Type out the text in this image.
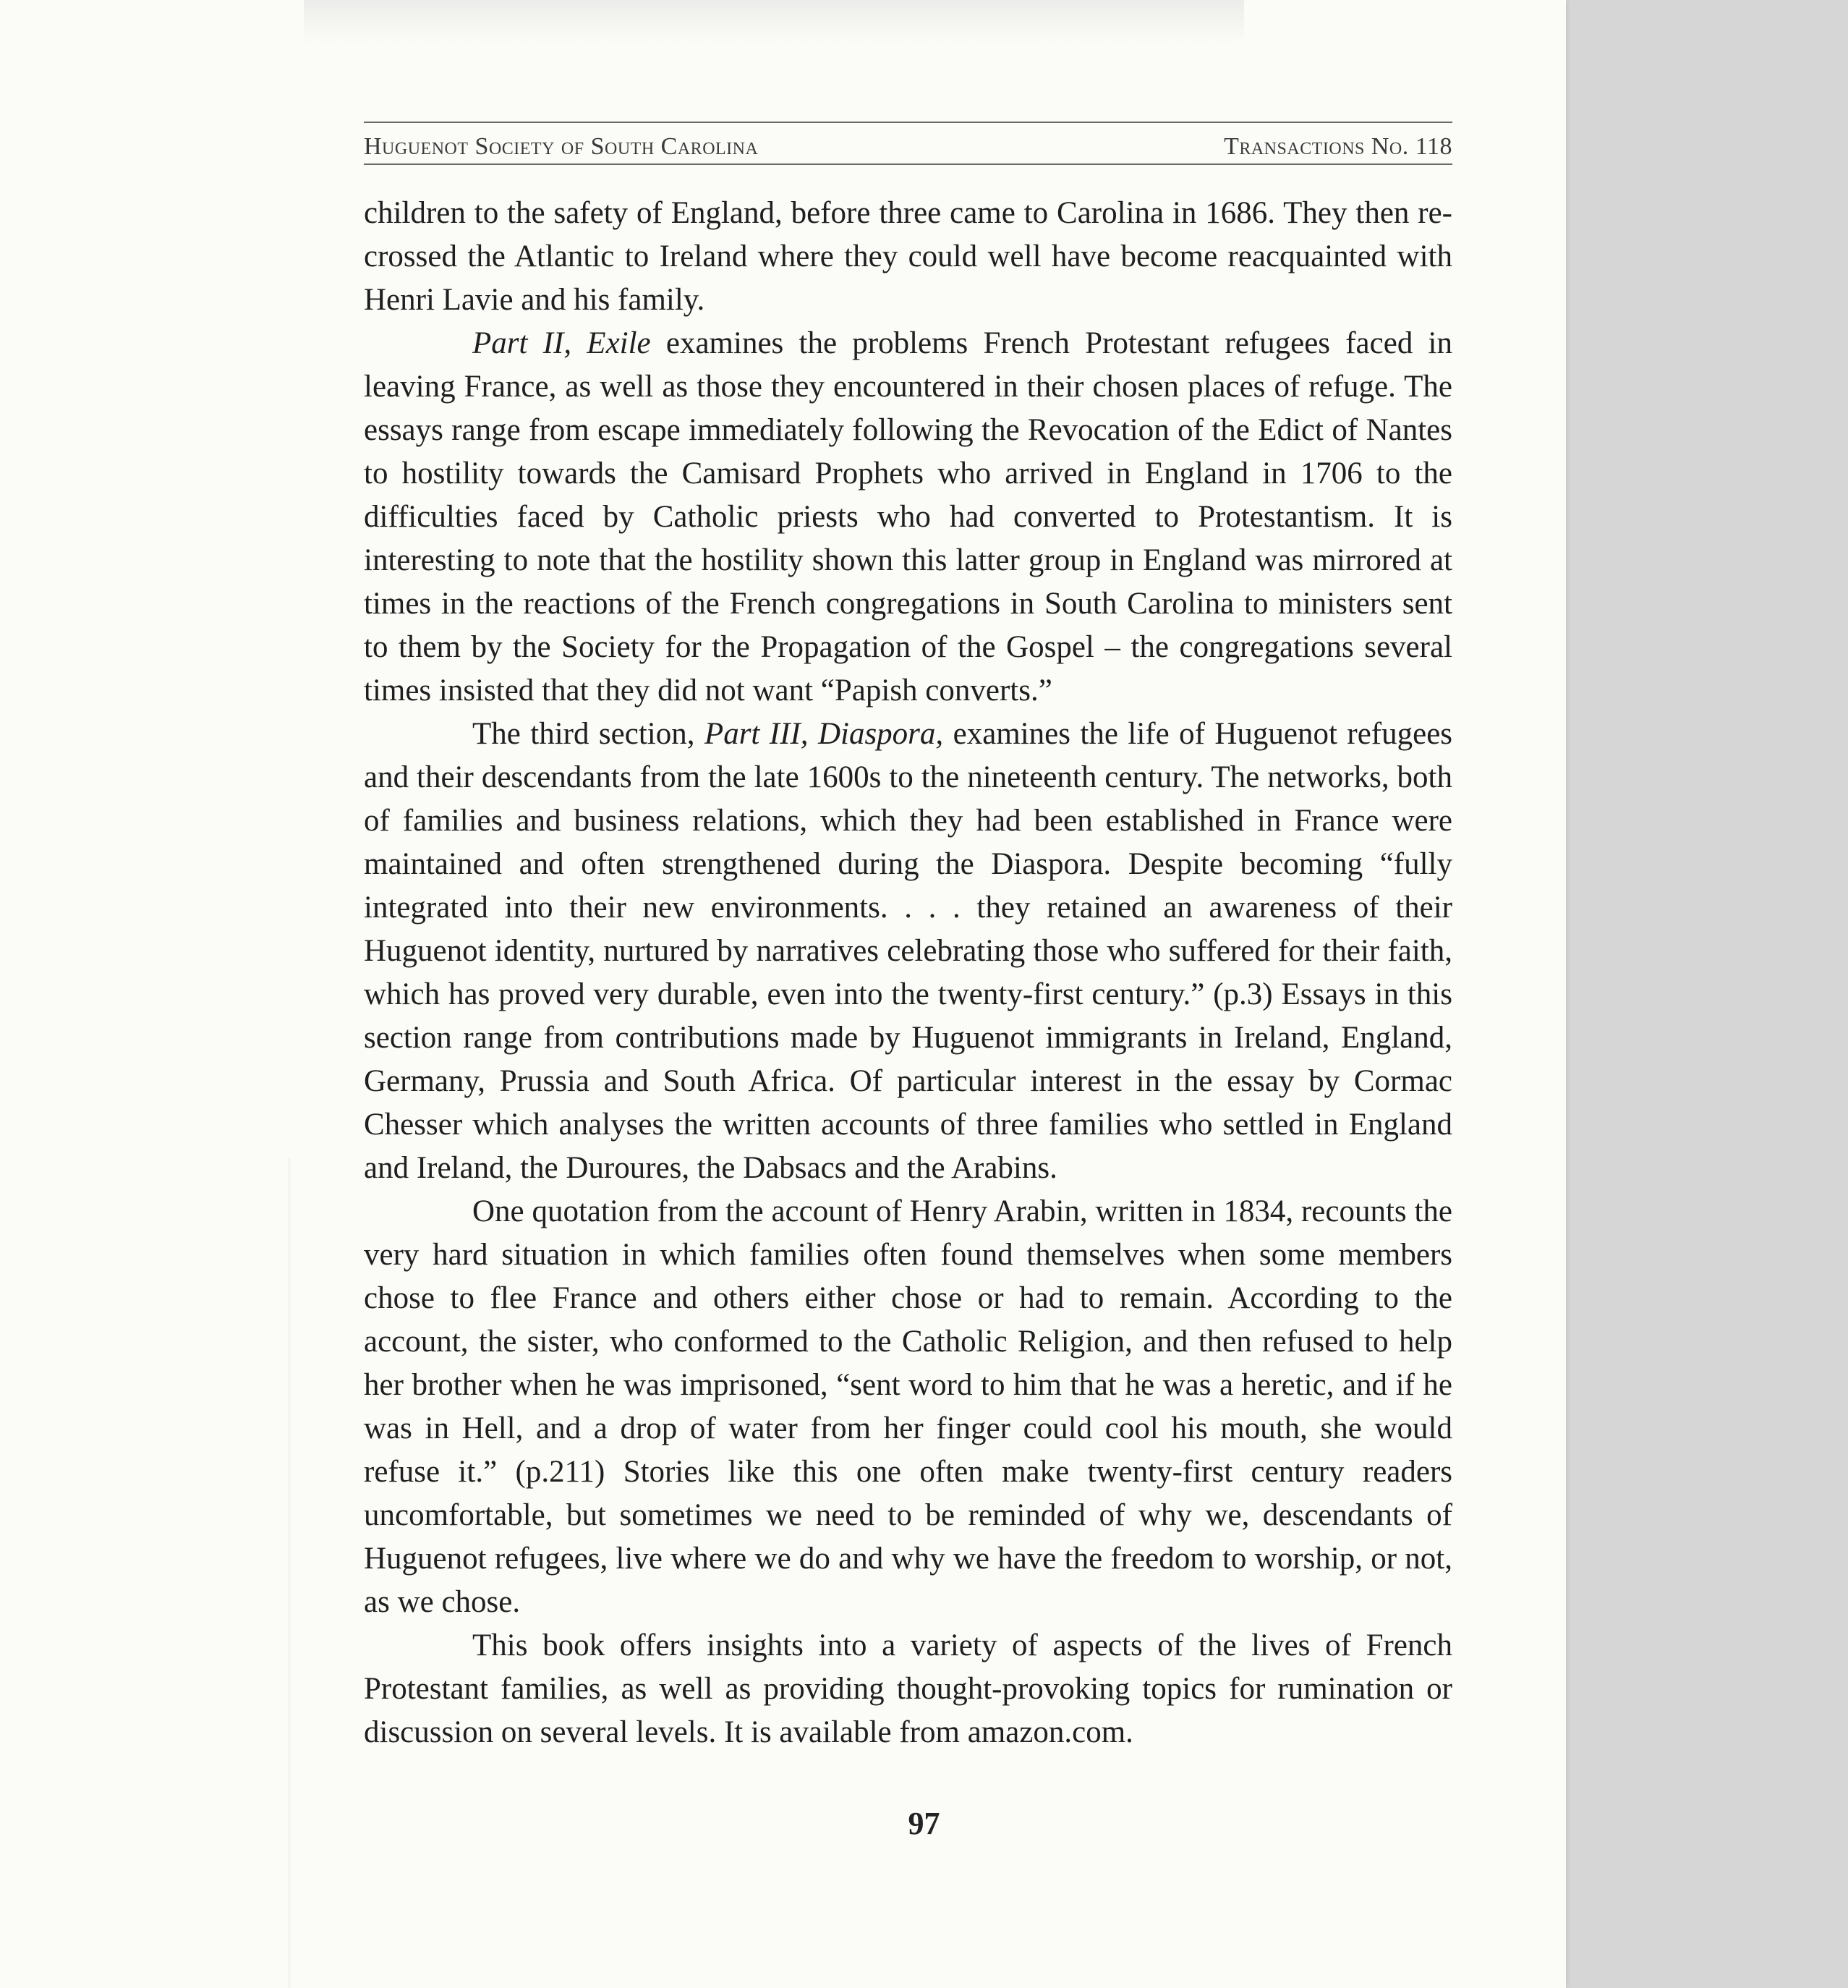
Huguenot Society of South Carolina	Transactions No. 118

children to the safety of England, before three came to Carolina in 1686. They then re-crossed the Atlantic to Ireland where they could well have become reacquainted with Henri Lavie and his family.

Part II, Exile examines the problems French Protestant refugees faced in leaving France, as well as those they encountered in their chosen places of refuge. The essays range from escape immediately following the Revocation of the Edict of Nantes to hostility towards the Camisard Prophets who arrived in England in 1706 to the difficulties faced by Catholic priests who had converted to Protestantism. It is interesting to note that the hostility shown this latter group in England was mirrored at times in the reactions of the French congregations in South Carolina to ministers sent to them by the Society for the Propagation of the Gospel – the congregations several times insisted that they did not want “Papish converts.”

The third section, Part III, Diaspora, examines the life of Huguenot refugees and their descendants from the late 1600s to the nineteenth century. The networks, both of families and business relations, which they had been established in France were maintained and often strengthened during the Diaspora. Despite becoming “fully integrated into their new environments. . . . they retained an awareness of their Huguenot identity, nurtured by narratives celebrating those who suffered for their faith, which has proved very durable, even into the twenty-first century.” (p.3) Essays in this section range from contributions made by Huguenot immigrants in Ireland, England, Germany, Prussia and South Africa. Of particular interest in the essay by Cormac Chesser which analyses the written accounts of three families who settled in England and Ireland, the Duroures, the Dabsacs and the Arabins.

One quotation from the account of Henry Arabin, written in 1834, recounts the very hard situation in which families often found themselves when some members chose to flee France and others either chose or had to remain. According to the account, the sister, who conformed to the Catholic Religion, and then refused to help her brother when he was imprisoned, “sent word to him that he was a heretic, and if he was in Hell, and a drop of water from her finger could cool his mouth, she would refuse it.” (p.211) Stories like this one often make twenty-first century readers uncomfortable, but sometimes we need to be reminded of why we, descendants of Huguenot refugees, live where we do and why we have the freedom to worship, or not, as we chose.

This book offers insights into a variety of aspects of the lives of French Protestant families, as well as providing thought-provoking topics for rumination or discussion on several levels. It is available from amazon.com.

97
